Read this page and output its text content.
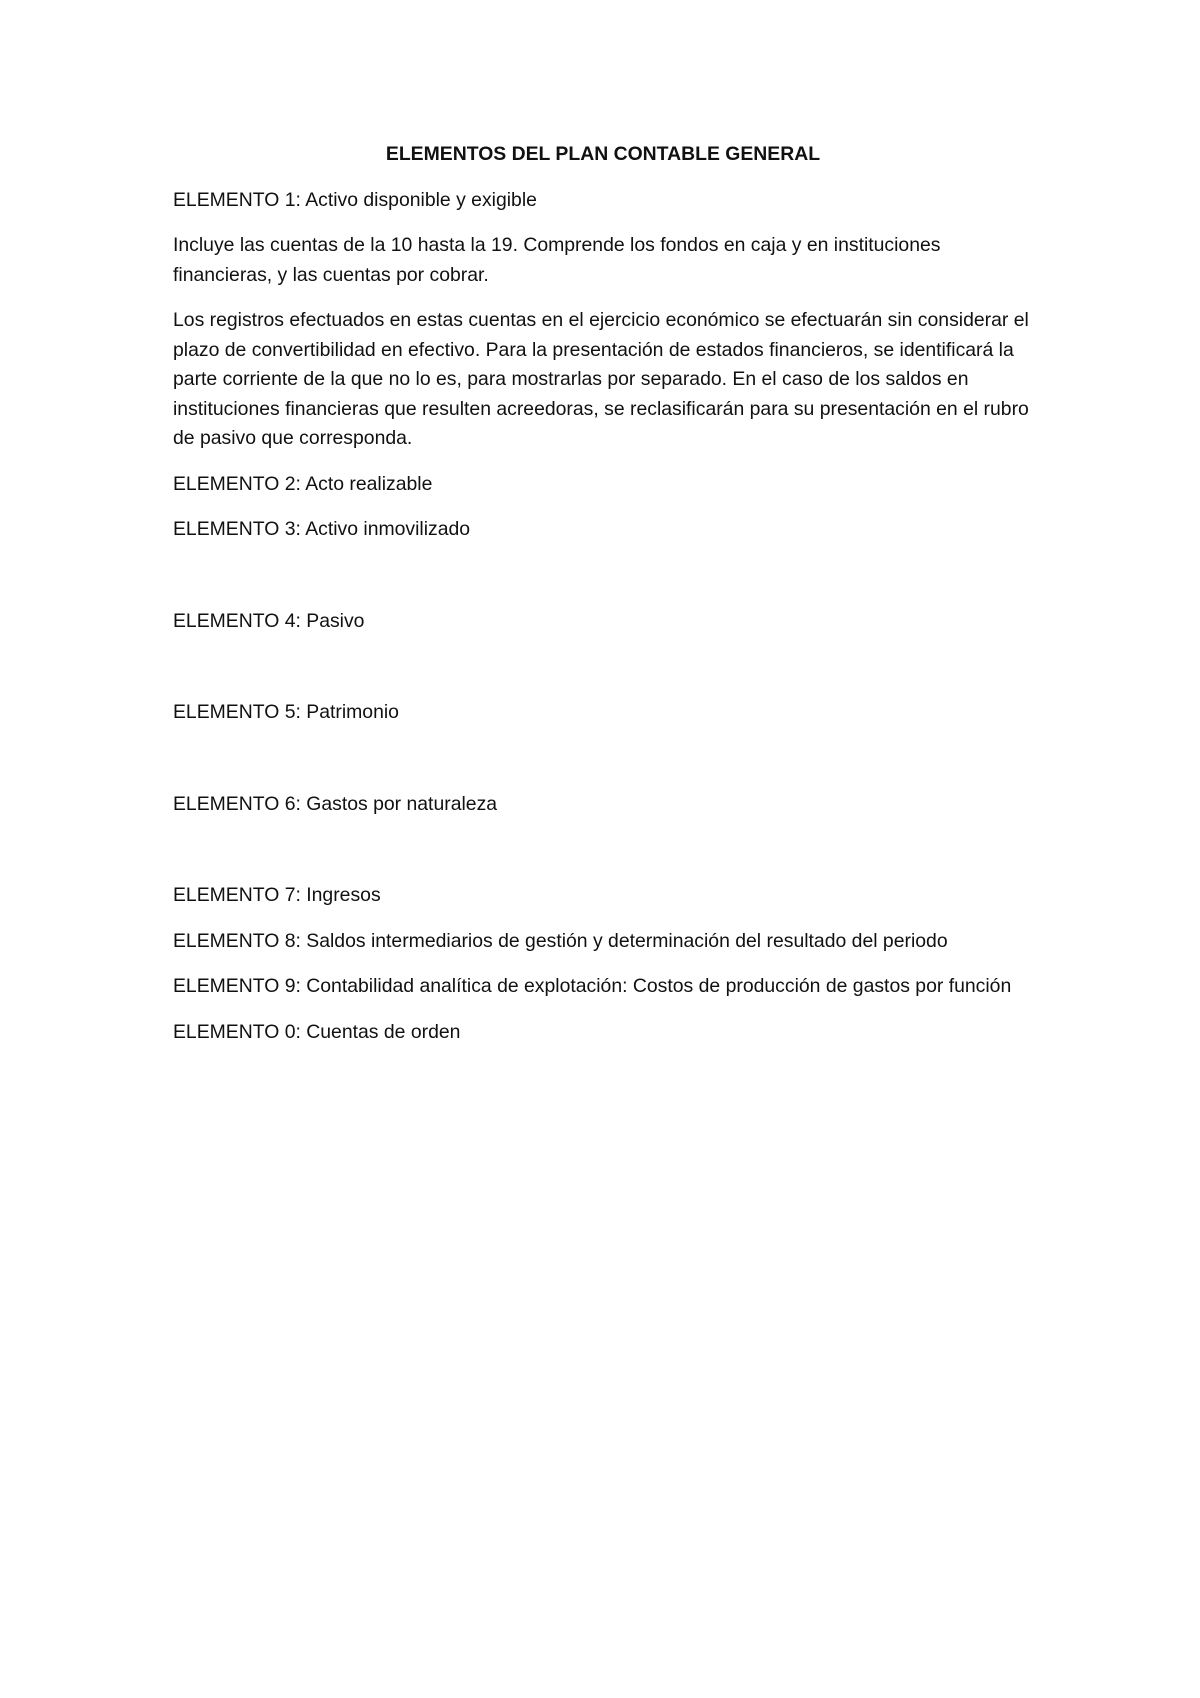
ELEMENTOS DEL PLAN CONTABLE GENERAL

ELEMENTO 1: Activo disponible y exigible

Incluye las cuentas de la 10 hasta la 19. Comprende los fondos en caja y en instituciones financieras, y las cuentas por cobrar.

Los registros efectuados en estas cuentas en el ejercicio económico se efectuarán sin considerar el plazo de convertibilidad en efectivo. Para la presentación de estados financieros, se identificará la parte corriente de la que no lo es, para mostrarlas por separado. En el caso de los saldos en instituciones financieras que resulten acreedoras, se reclasificarán para su presentación en el rubro de pasivo que corresponda.

ELEMENTO 2: Acto realizable

ELEMENTO 3: Activo inmovilizado

ELEMENTO 4: Pasivo

ELEMENTO 5: Patrimonio

ELEMENTO 6: Gastos por naturaleza

ELEMENTO 7: Ingresos

ELEMENTO 8: Saldos intermediarios de gestión y determinación del resultado del periodo

ELEMENTO 9: Contabilidad analítica de explotación: Costos de producción de gastos por función

ELEMENTO 0: Cuentas de orden
